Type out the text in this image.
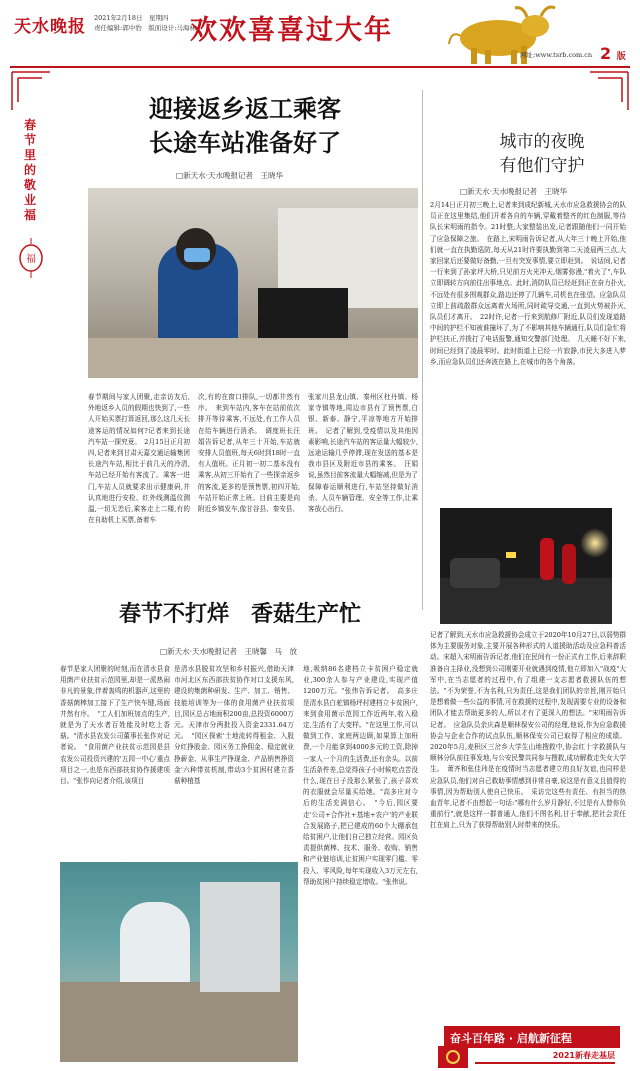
天水晚报 2021年2月18日　星期四
责任编辑:郭中豹　版面设计:马海林
欢欢喜喜过大年
网址:www.tsrb.com.cn 2 版
春节里的敬业福
福
迎接返乡返工乘客
长途车站准备好了
□新天水·天水晚报记者　王晓华
春节期间与家人团聚,走亲访友后,外地返乡人员的假期也快到了,一些人开始买票打算返回,那么这几天长途客运的情况如何?记者来到长途汽车站一探究竟。　2月15日正月初四,记者来到甘肃天嘉交通运输集团长途汽车站,相比于前几天的冷清,车站已经开始有客流了。乘客一进门,车站人员就要求出示健康码,并认真地进行安检、红外线测温仪测温,一切无恙后,乘客走上二楼,有的在自助机上买票,备着车
次,有的在窗口排队,一切都井然有序。　来到车站内,客车在站前依次排开等待乘客,不远处,有工作人员在给车辆进行消杀。　调度班长汪娟告诉记者,从年三十开始,车站就安排人员值班,每天6时到18时一直有人值班。正月初一初二基本没有乘客,从初三开始有了一些探亲返乡的客流,更多的是预售票,初四开始,车站开始正常上班。目前主要是向附近乡镇发车,像甘谷县、秦安县、
张家川县龙山镇、秦州区杜丹镇、杨家寺镇等地,周边市县有了预售票,白银、新泰、静宁,平凉等地方开始排班。　记者了解到,受疫情以及其他因素影响,长途汽车站的客运量大幅较少,远途运输几乎停滞,现在发送的基本是我市县区及附近市县的乘客。　汪娟说,虽然目前客流量大幅缩减,但是为了保障春运顺利进行,车站坚持做好消杀、人员车辆管理、安全等工作,让乘客放心出行。
春节不打烊　香菇生产忙
□新天水·天水晚报记者　王晓馨　马　放
春节是家人团聚的时刻,而在清水县食用菌产业扶贫示范园里,却是一派热闹非凡的景象,伴着轰鸣的机器声,这里的香菇菌棒加工接下了生产快车键,场面井然有序。　"工人们加班加点的生产,就是为了天水者百姓能及时吃上香菇。"清水县农发公司董事长张作对记者说。　"食用菌产业扶贫示范园是县农发公司投资兴建的'五园一中心'重点项目之一,也是东西部扶贫协作援建项目。"张作向记者介绍,该项目
是清水县脱贫攻坚和乡村振兴,借助天津市河北区东西部扶贫协作对口支援东风,建设的集菌种研发、生产、加工、销售、技能培训等为一体的食用菌产业扶贫项目,园区总占地面积200亩,总投资6000万元。天津市分两批投入资金2331.64万元。　"园区探索'土地流转得租金、入股分红挣股金、园区务工挣佣金、稳定就业挣薪金、从事生产挣现金、产品销售挣资金'六种带贫机制,带动3个贫困村建立香菇种植基
地,吸纳86名建档立卡贫困户稳定就业,300余人参与产业建设,实现产值1200万元。"张伟告诉记者。　高多庄是清水县白驼镇杨坪村建档立卡贫困户,来到食用菌示范园工作近两年,收入稳定,生活有了大变样。"在这里工作,可以做到工作、家庭两边顾,如果算上加班费,一个月能拿到4000多元的工资,除掉一家人一个月的生活费,还有余头。以前生活条件差,总觉得孩子小时候吃点苦没什么,现在日子没那么紧张了,孩子喜欢的衣服就会尽量买给她。"高多庄对今后的生活充满信心。　"今后,园区要走'公司+合作社+基地+农户'的产业联合发展路子,把已建成的60个大棚承包给贫困户,让他们自己独立经营。园区负责提供菌棒、技术、服务、收购、销售和产业链培训,让贫困户实现零门槛、零投入、零风险,每年实现收入3万元左右,帮助贫困户持续稳定增收。"张伟说。
城市的夜晚
有他们守护
□新天水·天水晚报记者　王晓华
2月14日正月初三晚上,记者来到成纪新城,天水市应急救援协会的队员正在这里集结,他们开着各自的车辆,穿戴着整齐的红色制服,等待队长宋明雨的指令。21时整,大家整装出发,记者跟随他们一同开始了应急保障之旅。　在路上,宋明雨告诉记者,从大年三十晚上开始,他们就一直在执勤巡防,每天从21时许要执勤到第二天凌晨两三点,大家回家后还要做好备勤,一旦有突发事情,要立即赶到。　说话间,记者一行来到了孙家坪大桥,只见前方火光冲天,烟雾弥漫,"着火了",车队立即调转方向前往出事地点。此时,消防队员已经赶到正在奋力扑火,不远处有很多围观群众,路边还停了几辆车,司机也在张望。应急队员立即上前疏散群众远离着火场所,同时疏导交通,一直到火势被扑灭,队员们才离开。　22时许,记者一行来到航修厂附近,队员们发现道路中间的护栏不知被谁撞坏了,为了不影响其他车辆通行,队员们急忙将护栏扶正,并拨打了电话报警,通知交警部门处理。　几天睡不好下来,时间已经到了凌晨零时。此时街道上已经一片寂静,市民大多进入梦乡,而应急队员们还奔波在路上,在城市的各个角落。
记者了解到,天水市应急救援协会成立于2020年10月27日,以弱势群体为主要服务对象,主要开展各种形式的人道援助活动及应急科普活动。宋超入宋明雨告诉记者,他们在民间有一份正式有工作,后来辞职准备自主择业,没想到公司刚要开业就遇到疫情,他立即加入"战疫"大军中,在当志愿者的过程中,有了组建一支志愿者救援队伍的想法。"不为荣誉,不为名利,只为责任,这是我们团队的宗旨,刚开始只是想着做一些公益的事情,可在救援的过程中,发现需要专业的设备和团队才能去帮助更多的人,所以才有了更深入的想法。"宋明雨告诉记者。　应急队员余庆森是顺林保安公司的经理,他说,作为应急救援协会与企业合作的试点队伍,顺林保安公司已取得了相应的成绩。2020年5月,麦积区三岔乡大学生山地搜救中,协会红十字救援队与顺林分队前往事发地,与公安民警共同参与搜救,成功解救走失女大学生。　萧齐和张佳玮是在疫情时当志愿者建立的良好友谊,也同样是应急队员,他们对自己救助事情感到非常自豪,说这是有意义且值得的事情,因为帮助别人使自己快乐。　采访完这些有责任、有担当的热血青年,记者不由想起一句话:"哪有什么岁月静好,不过是有人替你负重前行",就是这样一群普通人,他们不图名利,甘于奉献,把社会责任扛在肩上,只为了获得帮助别人时带来的快乐。
奋斗百年路 · 启航新征程
2021新春走基层
